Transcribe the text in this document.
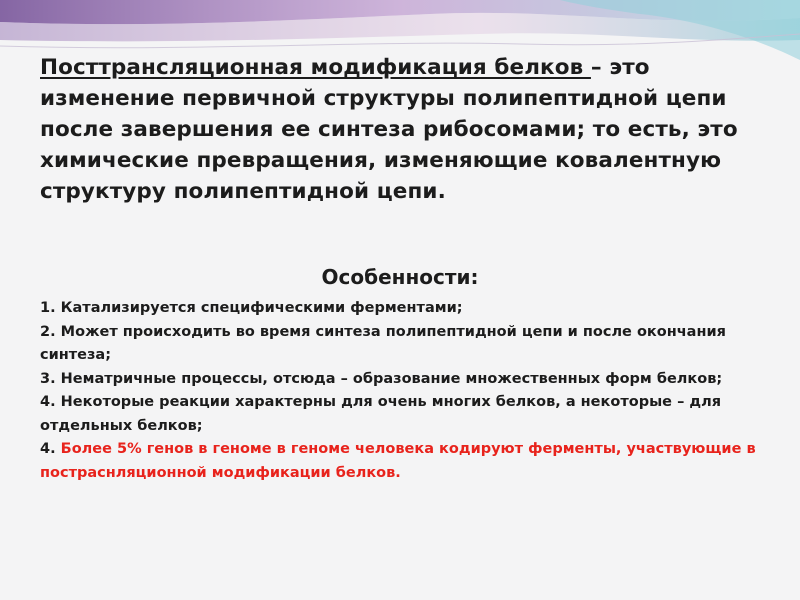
Посттрансляционная модификация белков – это изменение первичной структуры полипептидной цепи после завершения ее синтеза рибосомами; то есть, это химические превращения, изменяющие ковалентную структуру полипептидной цепи.

Особенности:
1. Катализируется специфическими ферментами;
2. Может происходить во время синтеза полипептидной цепи и после окончания синтеза;
3. Нематричные процессы, отсюда – образование множественных форм белков;
4. Некоторые реакции характерны для очень многих белков, а некоторые – для отдельных белков;
4. Более 5% генов в геноме в геноме человека кодируют ферменты, участвующие в постраснляционной модификации белков.
